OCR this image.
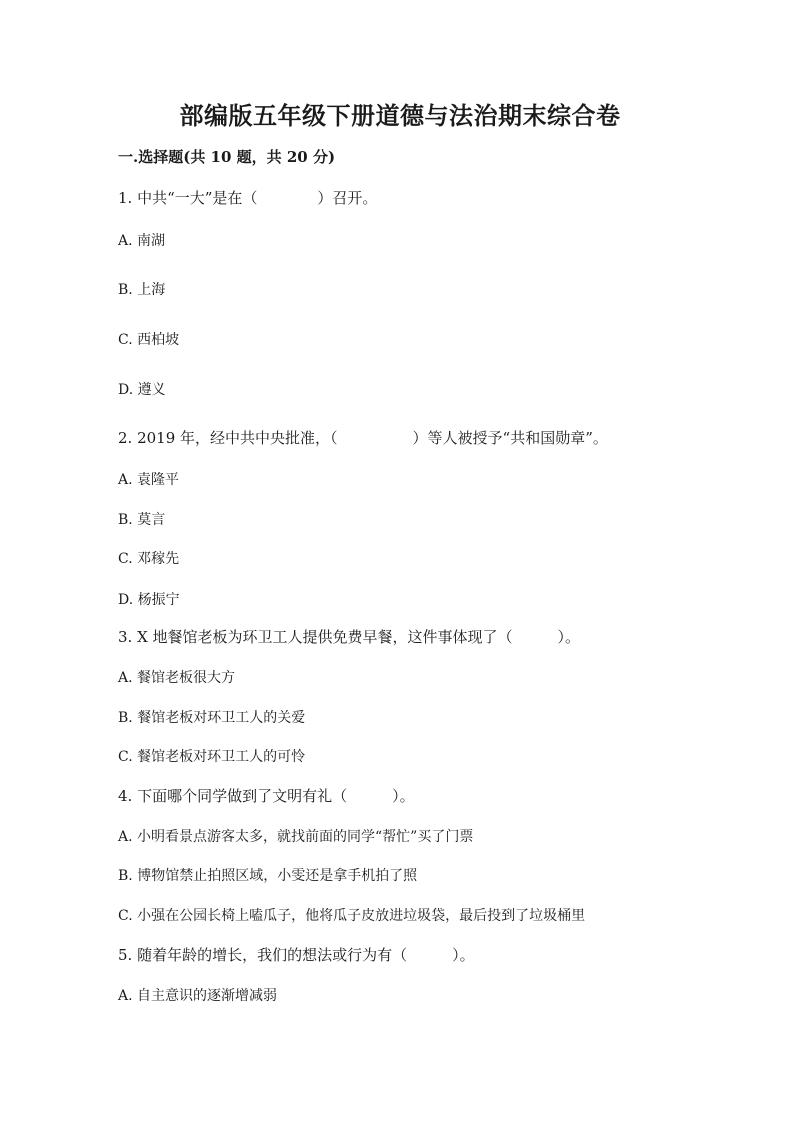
部编版五年级下册道德与法治期末综合卷
一.选择题(共 10 题，共 20 分)
1. 中共“一大”是在（　　　　）召开。
A. 南湖
B. 上海
C. 西柏坡
D. 遵义
2. 2019 年，经中共中央批准，（　　　　　）等人被授予“共和国勋章”。
A. 袁隆平
B. 莫言
C. 邓稼先
D. 杨振宁
3. X 地餐馆老板为环卫工人提供免费早餐，这件事体现了（　　　）。
A. 餐馆老板很大方
B. 餐馆老板对环卫工人的关爱
C. 餐馆老板对环卫工人的可怜
4. 下面哪个同学做到了文明有礼（　　　）。
A. 小明看景点游客太多，就找前面的同学“帮忙”买了门票
B. 博物馆禁止拍照区域，小雯还是拿手机拍了照
C. 小强在公园长椅上嗑瓜子，他将瓜子皮放进垃圾袋，最后投到了垃圾桶里
5. 随着年龄的增长，我们的想法或行为有（　　　）。
A. 自主意识的逐渐增减弱
